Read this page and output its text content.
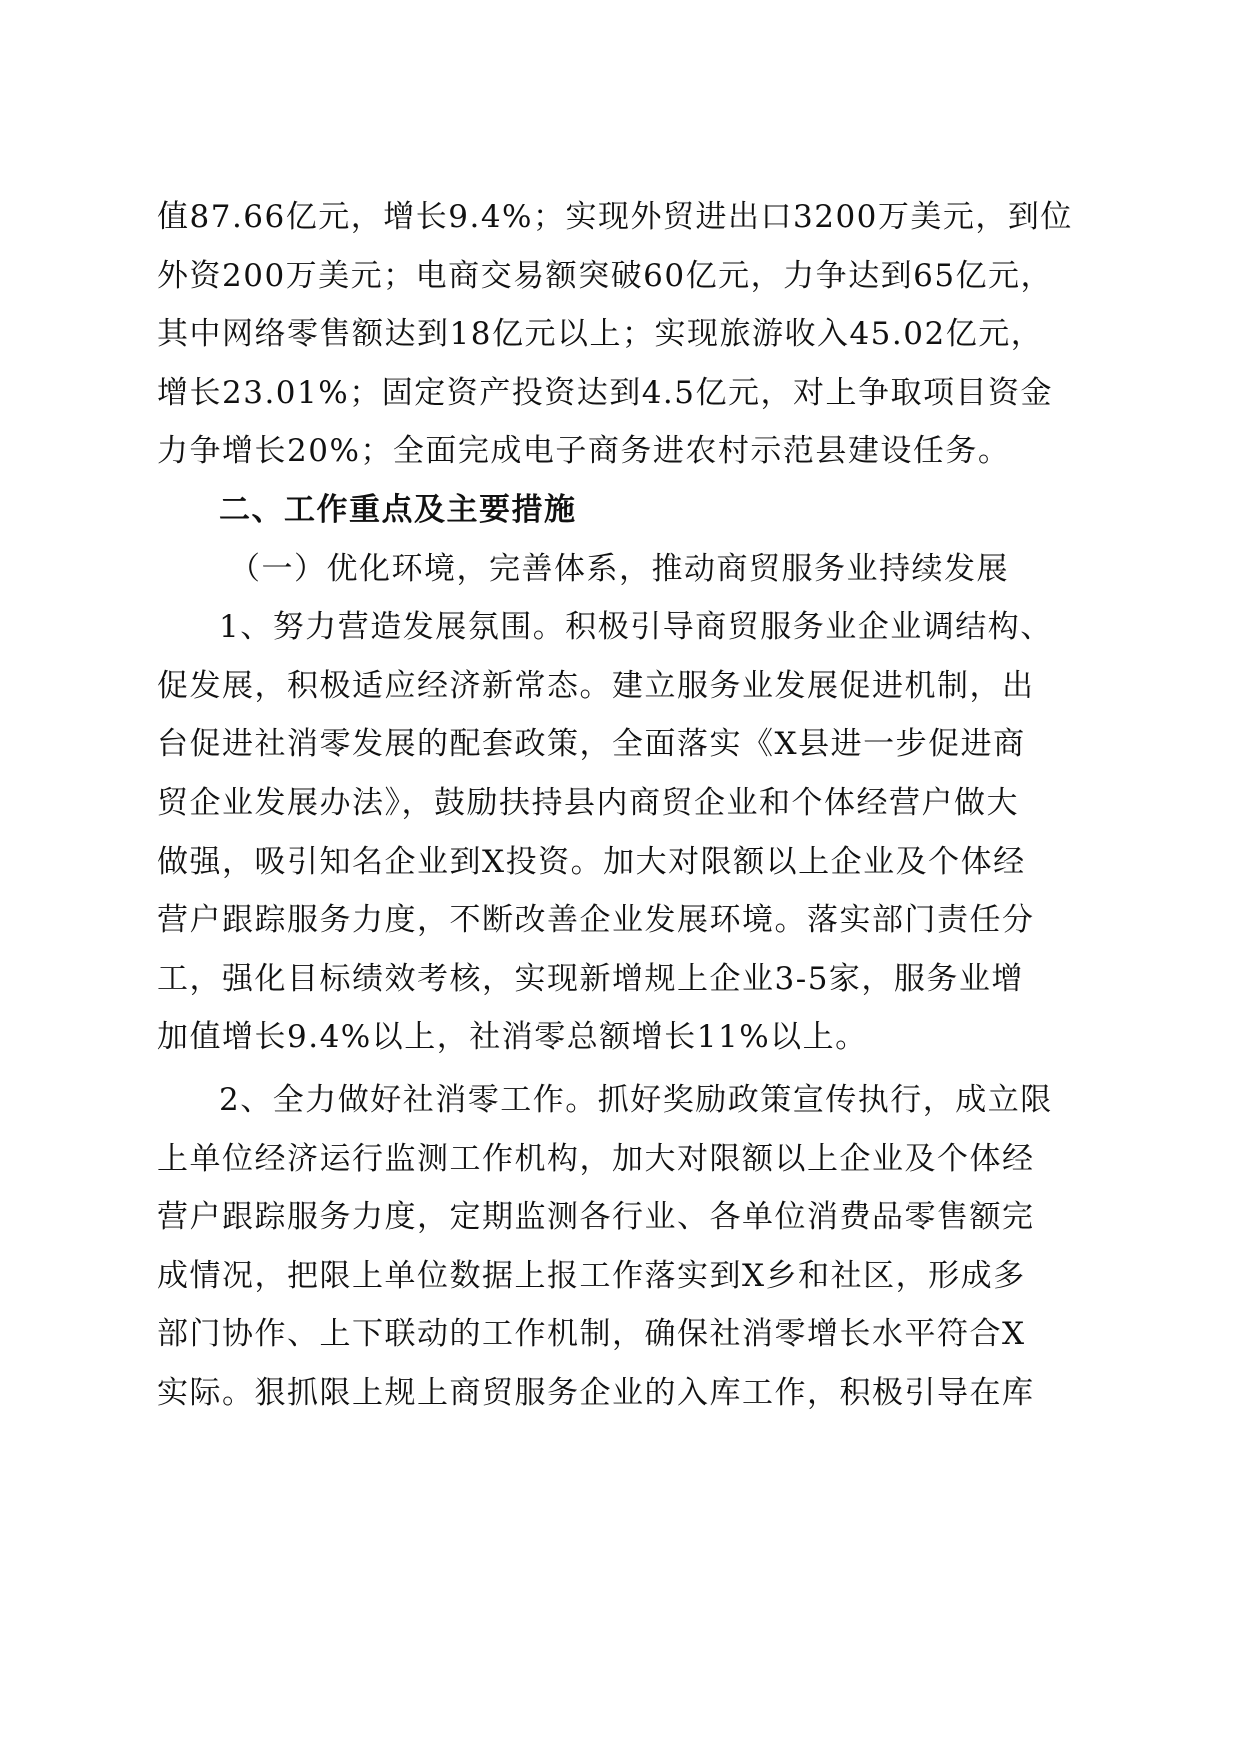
值87.66亿元，增长9.4%；实现外贸进出口3200万美元，到位
外资200万美元；电商交易额突破60亿元，力争达到65亿元，
其中网络零售额达到18亿元以上；实现旅游收入45.02亿元，
增长23.01%；固定资产投资达到4.5亿元，对上争取项目资金
力争增长20%；全面完成电子商务进农村示范县建设任务。
二、工作重点及主要措施
（一）优化环境，完善体系，推动商贸服务业持续发展
1、努力营造发展氛围。积极引导商贸服务业企业调结构、
促发展，积极适应经济新常态。建立服务业发展促进机制，出
台促进社消零发展的配套政策，全面落实《X县进一步促进商
贸企业发展办法》，鼓励扶持县内商贸企业和个体经营户做大
做强，吸引知名企业到X投资。加大对限额以上企业及个体经
营户跟踪服务力度，不断改善企业发展环境。落实部门责任分
工，强化目标绩效考核，实现新增规上企业3-5家，服务业增
加值增长9.4%以上，社消零总额增长11%以上。
2、全力做好社消零工作。抓好奖励政策宣传执行，成立限
上单位经济运行监测工作机构，加大对限额以上企业及个体经
营户跟踪服务力度，定期监测各行业、各单位消费品零售额完
成情况，把限上单位数据上报工作落实到X乡和社区，形成多
部门协作、上下联动的工作机制，确保社消零增长水平符合X
实际。狠抓限上规上商贸服务企业的入库工作，积极引导在库
